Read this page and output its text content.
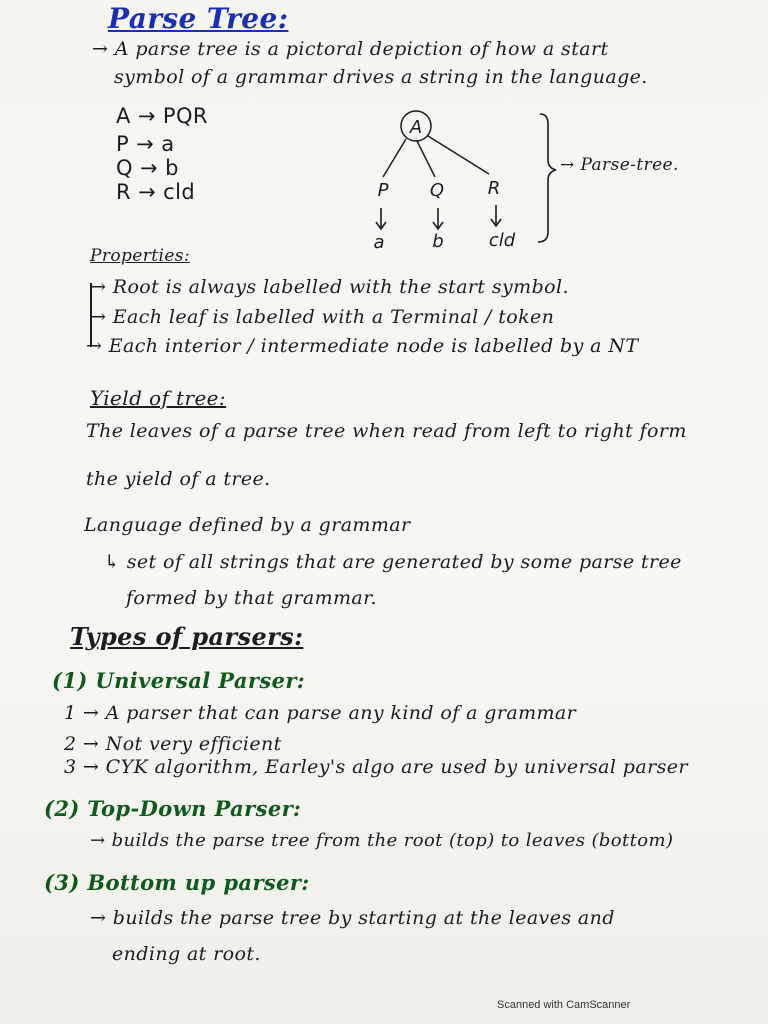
Parse Tree:
→ A parse tree is a pictoral depiction of how a start
symbol of a grammar drives a string in the language.
A → PQR
P → a
Q → b
R → cld
A
P Q R
a	b	cld
→ Parse-tree.
Properties:
→ Root is always labelled with the start symbol.
→ Each leaf is labelled with a Terminal / token
→ Each interior / intermediate node is labelled by a NT
Yield of tree:
The leaves of a parse tree when read from left to right form
the yield of a tree.
Language defined by a grammar
↳ set of all strings that are generated by some parse tree
formed by that grammar.
Types of parsers:
(1) Universal Parser:
1 → A parser that can parse any kind of a grammar
2 → Not very efficient
3 → CYK algorithm, Earley's algo are used by universal parser
(2) Top-Down Parser:
→ builds the parse tree from the root (top) to leaves (bottom)
(3) Bottom up parser:
→ builds the parse tree by starting at the leaves and
ending at root.
Scanned with CamScanner
